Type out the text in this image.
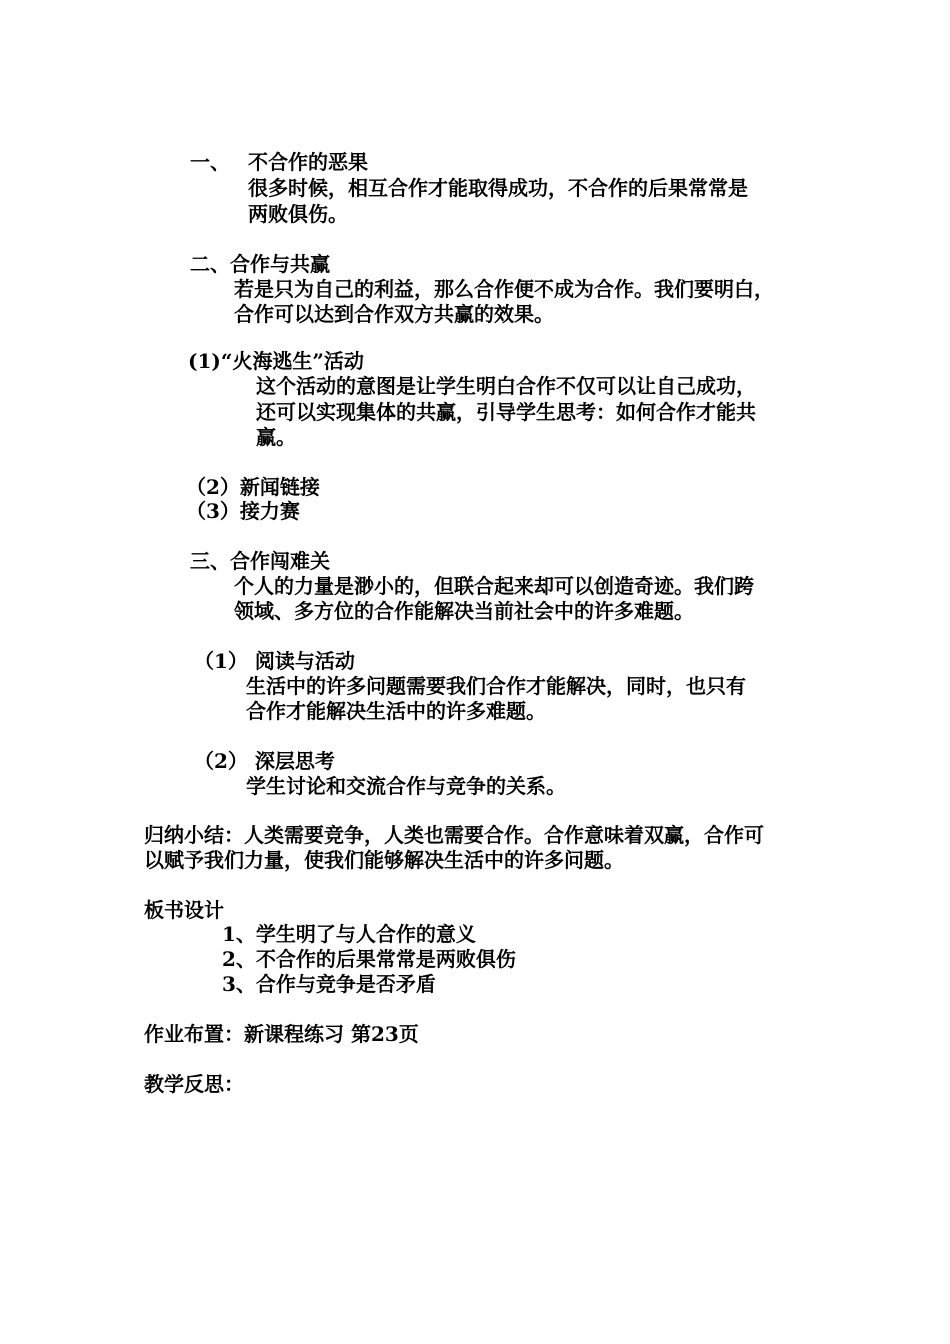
一、 不合作的恶果
很多时候，相互合作才能取得成功，不合作的后果常常是
两败俱伤。
二、合作与共赢
若是只为自己的利益，那么合作便不成为合作。我们要明白，
合作可以达到合作双方共赢的效果。
(1)“火海逃生”活动
这个活动的意图是让学生明白合作不仅可以让自己成功，
还可以实现集体的共赢，引导学生思考：如何合作才能共
赢。
（2）新闻链接
（3）接力赛
三、合作闯难关
个人的力量是渺小的，但联合起来却可以创造奇迹。我们跨
领域、多方位的合作能解决当前社会中的许多难题。
（1） 阅读与活动
生活中的许多问题需要我们合作才能解决，同时，也只有
合作才能解决生活中的许多难题。
（2） 深层思考
学生讨论和交流合作与竞争的关系。
归纳小结：人类需要竞争，人类也需要合作。合作意味着双赢，合作可
以赋予我们力量，使我们能够解决生活中的许多问题。
板书设计
1、学生明了与人合作的意义
2、不合作的后果常常是两败俱伤
3、合作与竞争是否矛盾
作业布置：新课程练习 第23页
教学反思：
